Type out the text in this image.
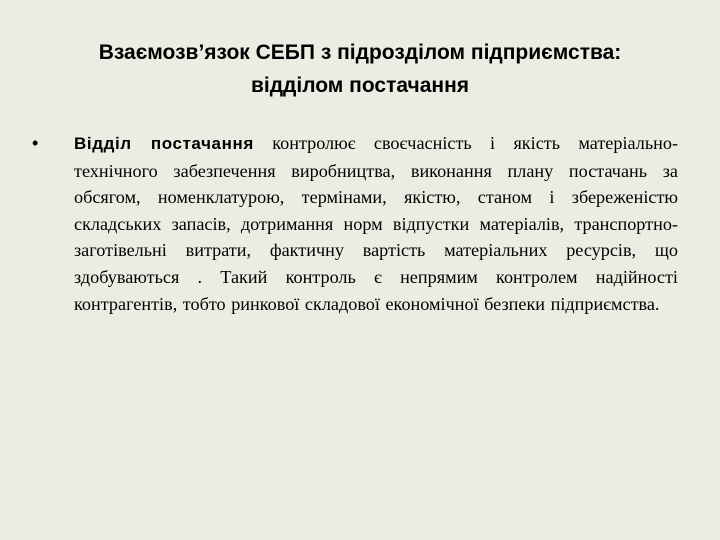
Взаємозв’язок СЕБП з підрозділом підприємства:
відділом постачання
• Відділ постачання контролює своєчасність і якість матеріально-технічного забезпечення виробництва, виконання плану постачань за обсягом, номенклатурою, термінами, якістю, станом і збереженістю складських запасів, дотримання норм відпустки матеріалів, транспортно-заготівельні витрати, фактичну вартість матеріальних ресурсів, що здобуваються . Такий контроль є непрямим контролем надійності контрагентів, тобто ринкової складової економічної безпеки підприємства.
